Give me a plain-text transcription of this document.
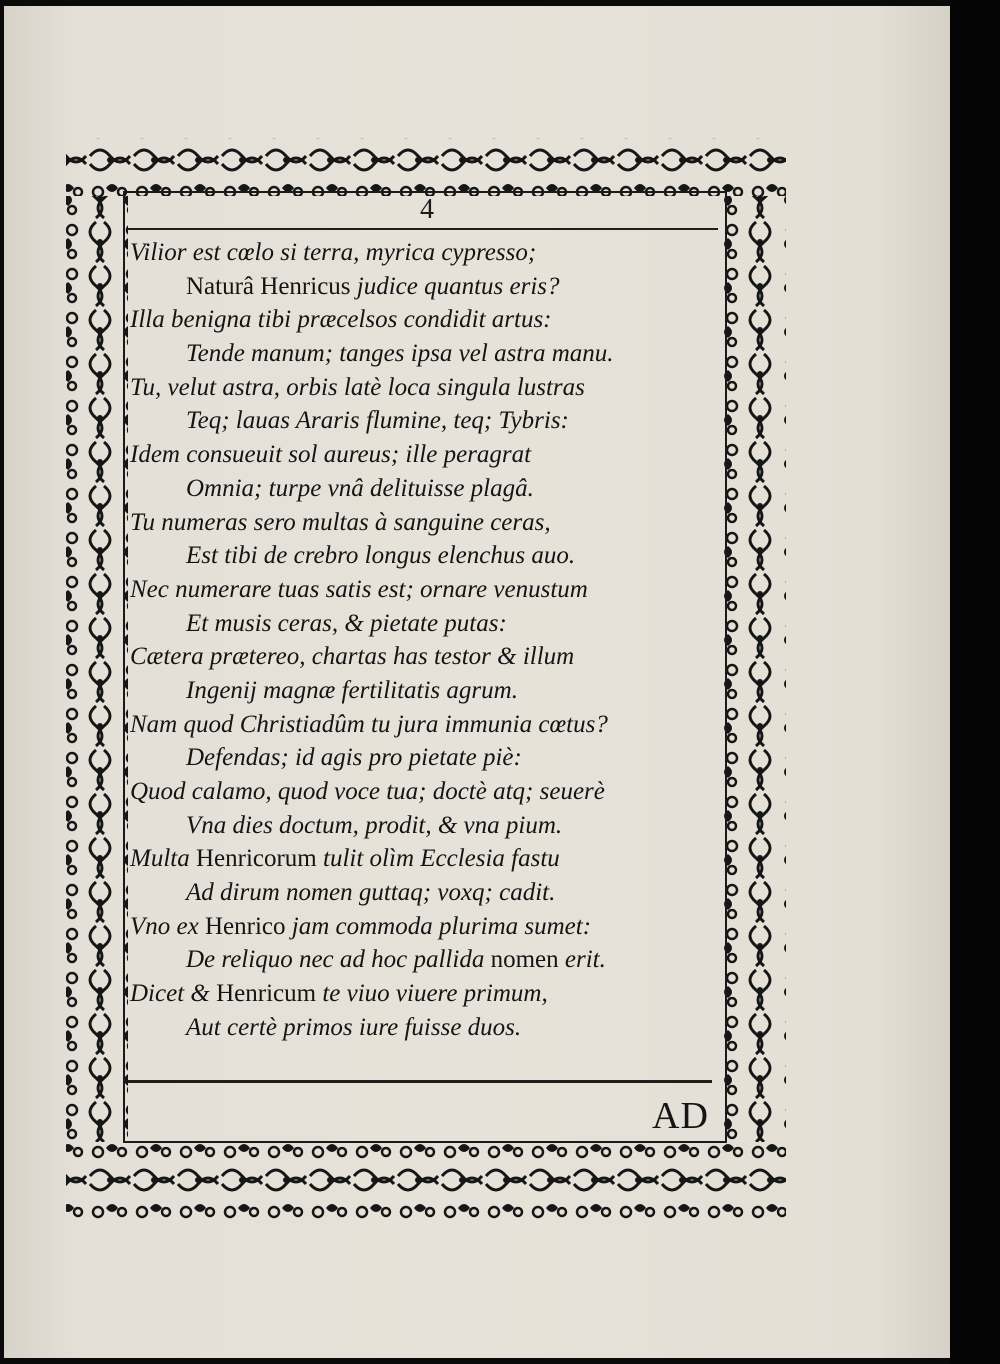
4
Vilior est cœlo si terra, myrica cypresso;
Naturâ Henricus judice quantus eris?
Illa benigna tibi præcelsos condidit artus:
Tende manum; tanges ipsa vel astra manu.
Tu, velut astra, orbis latè loca singula lustras
Teq; lauas Araris flumine, teq; Tybris:
Idem consueuit sol aureus; ille peragrat
Omnia; turpe vnâ delituisse plagâ.
Tu numeras sero multas à sanguine ceras,
Est tibi de crebro longus elenchus auo.
Nec numerare tuas satis est; ornare venustum
Et musis ceras, & pietate putas:
Cætera prætereo, chartas has testor & illum
Ingenij magnæ fertilitatis agrum.
Nam quod Christiadûm tu jura immunia cœtus?
Defendas; id agis pro pietate piè:
Quod calamo, quod voce tua; doctè atq; seuerè
Vna dies doctum, prodit, & vna pium.
Multa Henricorum tulit olìm Ecclesia fastu
Ad dirum nomen guttaq; voxq; cadit.
Vno ex Henrico jam commoda plurima sumet:
De reliquo nec ad hoc pallida nomen erit.
Dicet & Henricum te viuo viuere primum,
Aut certè primos iure fuisse duos.
AD
